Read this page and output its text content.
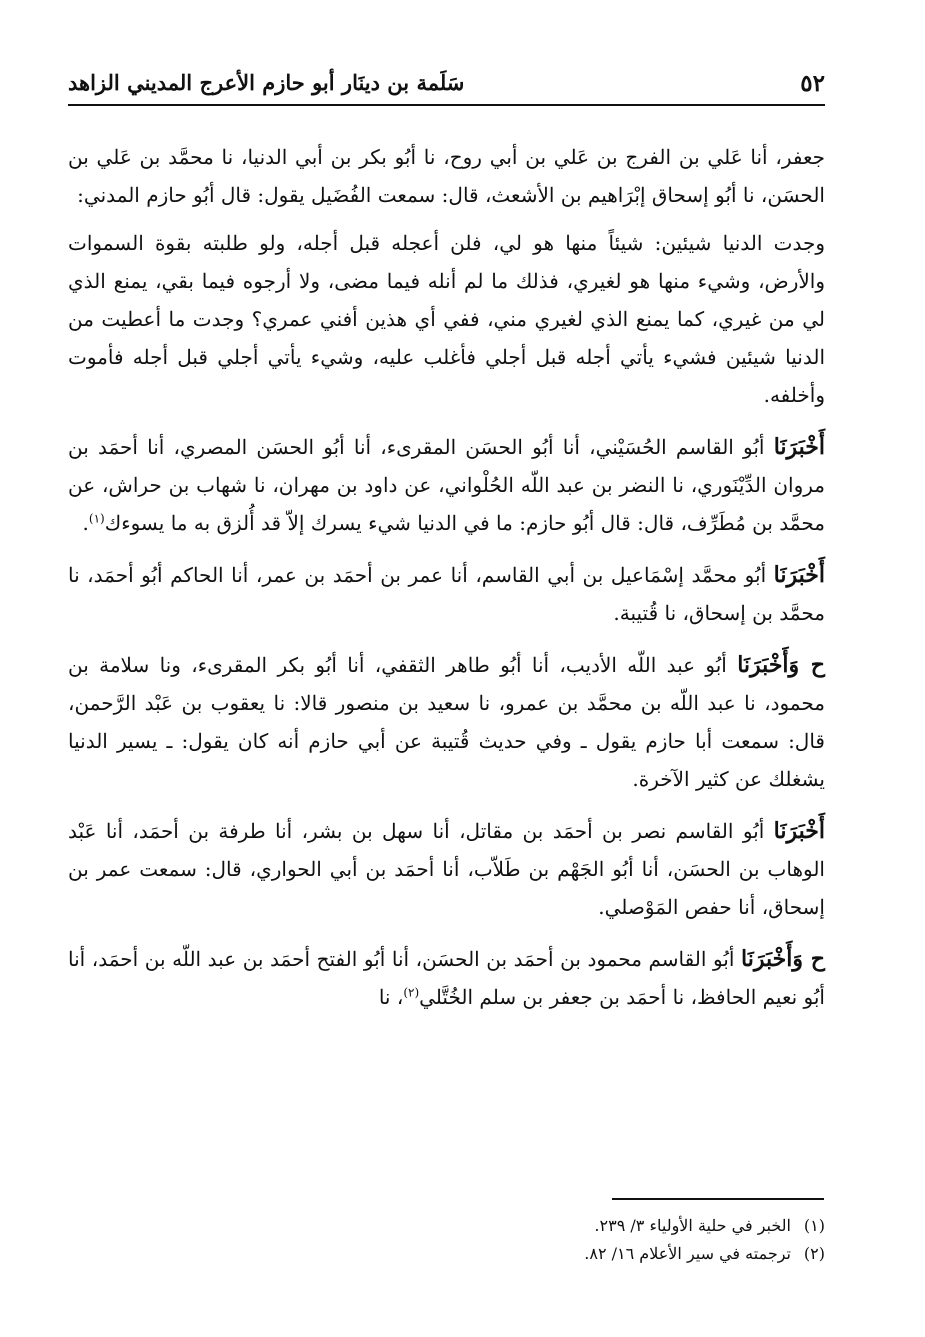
٥٢
سَلَمة بن دينَار أبو حازم الأعرج المديني الزاهد

جعفر، أنا عَلي بن الفرج بن عَلي بن أبي روح، نا أبُو بكر بن أبي الدنيا، نا محمَّد بن عَلي بن الحسَن، نا أبُو إسحاق إبْرَاهيم بن الأشعث، قال: سمعت الفُضَيل يقول: قال أبُو حازم المدني:

وجدت الدنيا شيئين: شيئاً منها هو لي، فلن أعجله قبل أجله، ولو طلبته بقوة السموات والأرض، وشيء منها هو لغيري، فذلك ما لم أنله فيما مضى، ولا أرجوه فيما بقي، يمنع الذي لي من غيري، كما يمنع الذي لغيري مني، ففي أي هذين أفني عمري؟ وجدت ما أعطيت من الدنيا شيئين فشيء يأتي أجله قبل أجلي فأغلب عليه، وشيء يأتي أجلي قبل أجله فأموت وأخلفه.

أَخْبَرَنَا أبُو القاسم الحُسَيْني، أنا أبُو الحسَن المقرىء، أنا أبُو الحسَن المصري، أنا أحمَد بن مروان الدِّيْنَوري، نا النضر بن عبد اللّه الحُلْواني، عن داود بن مهران، نا شهاب بن حراش، عن محمَّد بن مُطَرِّف، قال: قال أبُو حازم: ما في الدنيا شيء يسرك إلاّ قد أُلزق به ما يسوءك$^{(١)}$.

أَخْبَرَنَا أبُو محمَّد إسْمَاعيل بن أبي القاسم، أنا عمر بن أحمَد بن عمر، أنا الحاكم أبُو أحمَد، نا محمَّد بن إسحاق، نا قُتيبة.

ح وَأَخْبَرَنَا أبُو عبد اللّه الأديب، أنا أبُو طاهر الثقفي، أنا أبُو بكر المقرىء، ونا سلامة بن محمود، نا عبد اللّه بن محمَّد بن عمرو، نا سعيد بن منصور قالا: نا يعقوب بن عَبْد الرَّحمن، قال: سمعت أبا حازم يقول ـ وفي حديث قُتيبة عن أبي حازم أنه كان يقول: ـ يسير الدنيا يشغلك عن كثير الآخرة.

أَخْبَرَنَا أبُو القاسم نصر بن أحمَد بن مقاتل، أنا سهل بن بشر، أنا طرفة بن أحمَد، أنا عَبْد الوهاب بن الحسَن، أنا أبُو الجَهْم بن طَلاّب، أنا أحمَد بن أبي الحواري، قال: سمعت عمر بن إسحاق، أنا حفص المَوْصلي.

ح وَأَخْبَرَنَا أبُو القاسم محمود بن أحمَد بن الحسَن، أنا أبُو الفتح أحمَد بن عبد اللّه بن أحمَد، أنا أبُو نعيم الحافظ، نا أحمَد بن جعفر بن سلم الخُتَّلي$^{(٢)}$، نا

(١)الخبر في حلية الأولياء ٣/ ٢٣٩.
(٢)ترجمته في سير الأعلام ١٦/ ٨٢.
